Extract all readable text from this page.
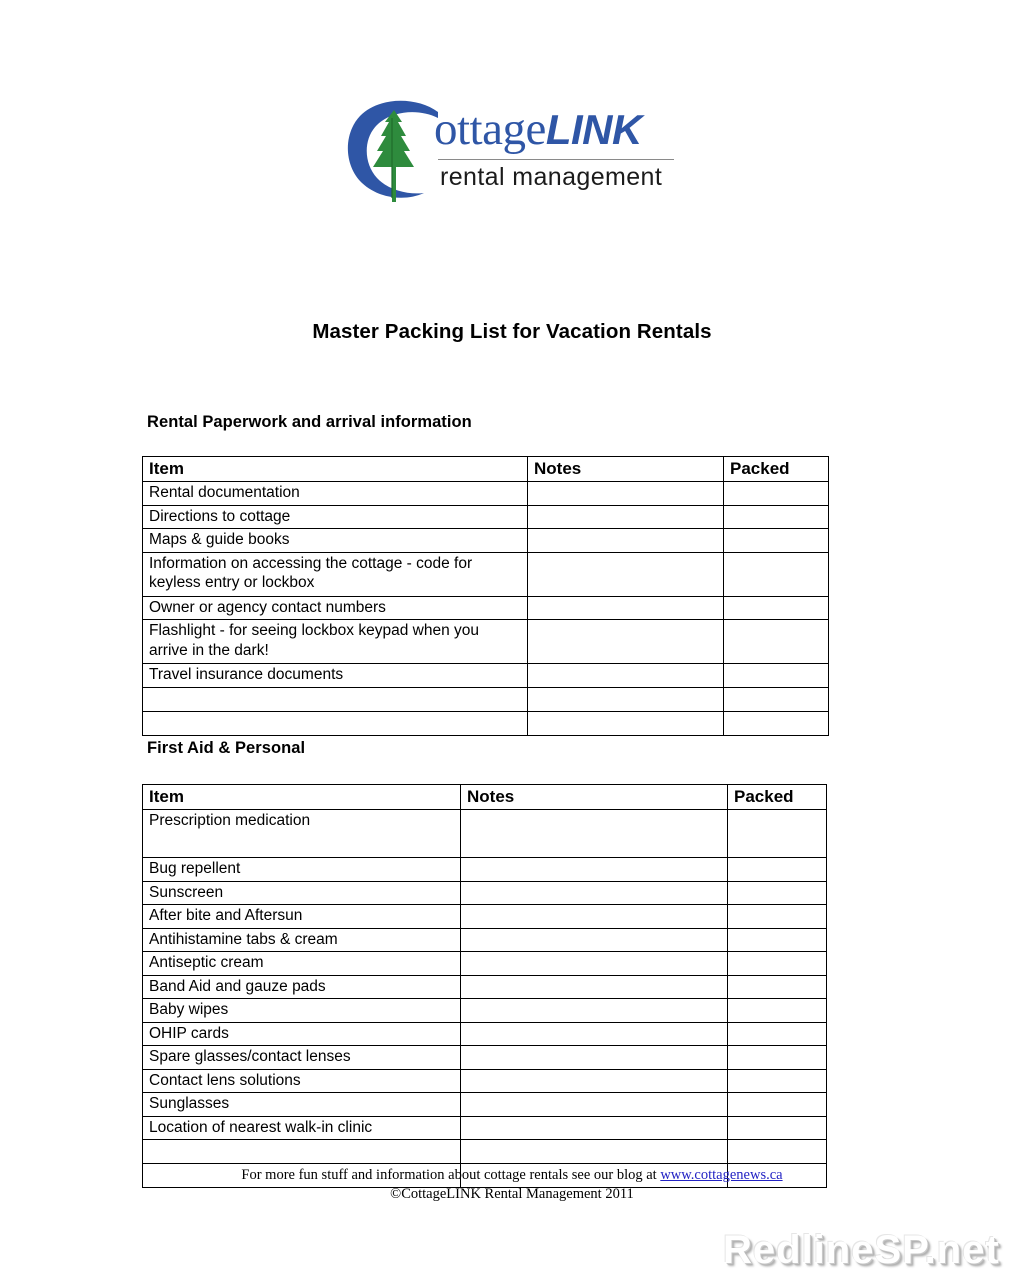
ottageLINK
rental management
Master Packing List for Vacation Rentals
Rental Paperwork and arrival information
Item	Notes	Packed
Rental documentation		
Directions to cottage		
Maps & guide books		
Information on accessing the cottage - code for keyless entry or lockbox		
Owner or agency contact numbers		
Flashlight - for seeing lockbox keypad when you arrive in the dark!		
Travel insurance documents		

First Aid & Personal
Item	Notes	Packed
Prescription medication		
Bug repellent		
Sunscreen		
After bite and Aftersun		
Antihistamine tabs & cream		
Antiseptic cream		
Band Aid and gauze pads		
Baby wipes		
OHIP cards		
Spare glasses/contact lenses		
Contact lens solutions		
Sunglasses		
Location of nearest walk-in clinic		

For more fun stuff and information about cottage rentals see our blog at www.cottagenews.ca
©CottageLINK Rental Management 2011
RedlineSP.net
